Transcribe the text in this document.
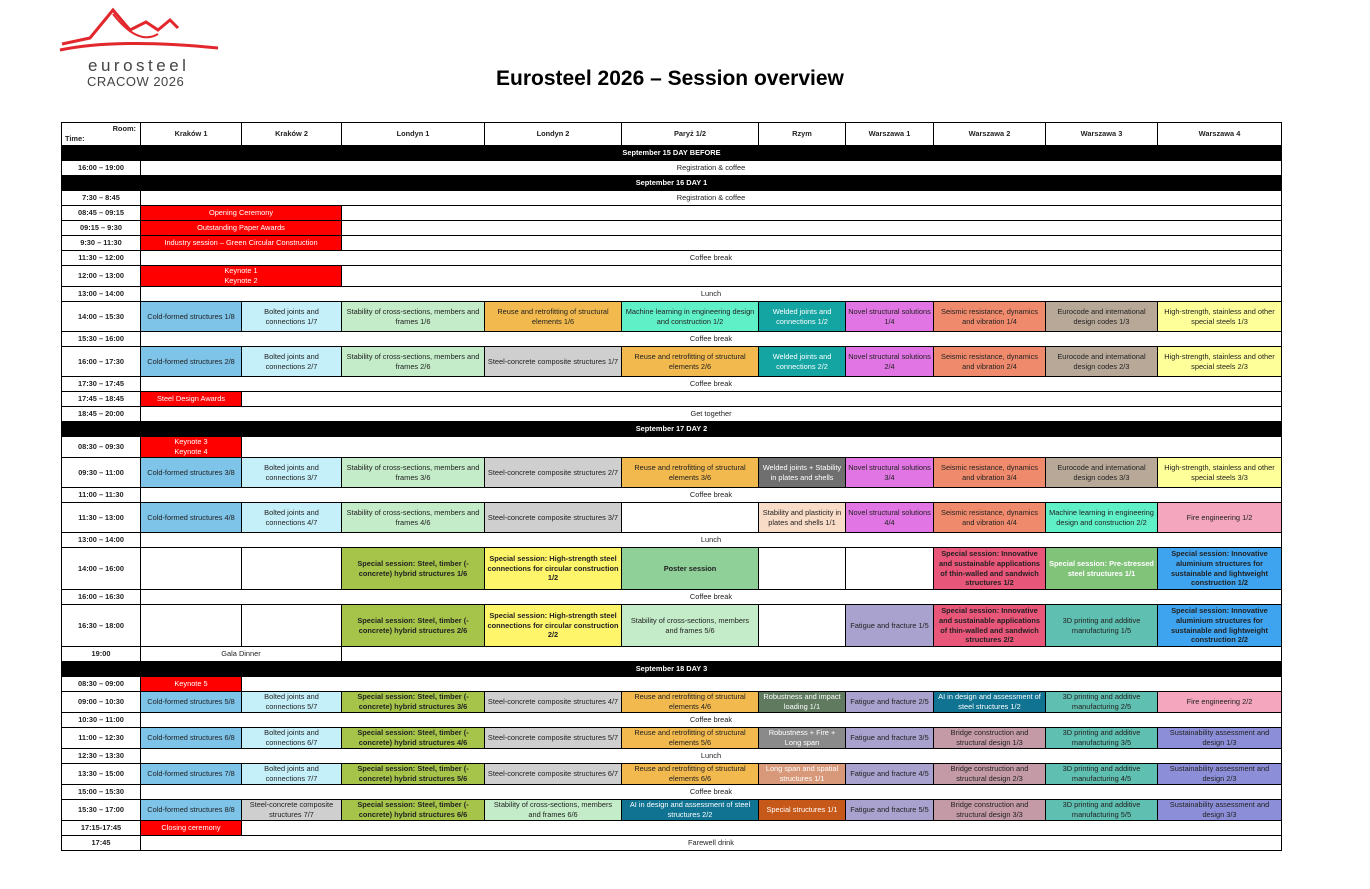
eurosteel
CRACOW 2026	Eurosteel 2026 – Session overview
Room:
Time:	Kraków 1	Kraków 2	Londyn 1	Londyn 2	Paryż 1/2	Rzym	Warszawa 1	Warszawa 2	Warszawa 3	Warszawa 4
September 15 DAY BEFORE										
16:00 – 19:00	Registration & coffee									
September 16 DAY 1										
7:30 – 8:45	Registration & coffee									
08:45 – 09:15	Opening Ceremony									
09:15 – 9:30	Outstanding Paper Awards									
9:30 – 11:30	Industry session – Green Circular Construction									
11:30 – 12:00	Coffee break									
12:00 – 13:00	Keynote 1
Keynote 2									

13:00 – 14:00	Lunch									
14:00 – 15:30	Cold-formed structures 1/8	Bolted joints and connections 1/7	Stability of cross-sections, members and frames 1/6	Reuse and retrofitting of structural elements 1/6	Machine learning in engineering design and construction 1/2	Welded joints and connections 1/2	Novel structural solutions 1/4	Seismic resistance, dynamics and vibration 1/4	Eurocode and international design codes 1/3	High-strength, stainless and other special steels 1/3
15:30 – 16:00	Coffee break									
16:00 – 17:30	Cold-formed structures 2/8	Bolted joints and connections 2/7	Stability of cross-sections, members and frames 2/6	Steel-concrete composite structures 1/7	Reuse and retrofitting of structural elements 2/6	Welded joints and connections 2/2	Novel structural solutions 2/4	Seismic resistance, dynamics and vibration 2/4	Eurocode and international design codes 2/3	High-strength, stainless and other special steels 2/3
17:30 – 17:45	Coffee break									
17:45 – 18:45	Steel Design Awards									
18:45 – 20:00	Get together									
September 17 DAY 2										
08:30 – 09:30	Keynote 3
Keynote 4									

09:30 – 11:00	Cold-formed structures 3/8	Bolted joints and connections 3/7	Stability of cross-sections, members and frames 3/6	Steel-concrete composite structures 2/7	Reuse and retrofitting of structural elements 3/6	Welded joints + Stability in plates and shells	Novel structural solutions 3/4	Seismic resistance, dynamics and vibration 3/4	Eurocode and international design codes 3/3	High-strength, stainless and other special steels 3/3
11:00 – 11:30	Coffee break									
11:30 – 13:00	Cold-formed structures 4/8	Bolted joints and connections 4/7	Stability of cross-sections, members and frames 4/6	Steel-concrete composite structures 3/7		Stability and plasticity in plates and shells 1/1	Novel structural solutions 4/4	Seismic resistance, dynamics and vibration 4/4	Machine learning in engineering design and construction 2/2	Fire engineering 1/2
13:00 – 14:00	Lunch									
14:00 – 16:00			Special session: Steel, timber (-concrete) hybrid structures 1/6	Special session: High-strength steel connections for circular construction 1/2	Poster session			Special session: Innovative and sustainable applications of thin-walled and sandwich structures 1/2	Special session: Pre-stressed steel structures 1/1	Special session: Innovative aluminium structures for sustainable and lightweight construction 1/2
16:00 – 16:30	Coffee break									
16:30 – 18:00			Special session: Steel, timber (-concrete) hybrid structures 2/6	Special session: High-strength steel connections for circular construction 2/2	Stability of cross-sections, members and frames 5/6		Fatigue and fracture 1/5	Special session: Innovative and sustainable applications of thin-walled and sandwich structures 2/2	3D printing and additive manufacturing 1/5	Special session: Innovative aluminium structures for sustainable and lightweight construction 2/2
19:00	Gala Dinner									
September 18 DAY 3										
08:30 – 09:00	Keynote 5									
09:00 – 10:30	Cold-formed structures 5/8	Bolted joints and connections 5/7	Special session: Steel, timber (-concrete) hybrid structures 3/6	Steel-concrete composite structures 4/7	Reuse and retrofitting of structural elements 4/6	Robustness and impact loading 1/1	Fatigue and fracture 2/5	AI in design and assessment of steel structures 1/2	3D printing and additive manufacturing 2/5	Fire engineering 2/2
10:30 – 11:00	Coffee break									
11:00 – 12:30	Cold-formed structures 6/8	Bolted joints and connections 6/7	Special session: Steel, timber (-concrete) hybrid structures 4/6	Steel-concrete composite structures 5/7	Reuse and retrofitting of structural elements 5/6	Robustness + Fire + Long span	Fatigue and fracture 3/5	Bridge construction and structural design 1/3	3D printing and additive manufacturing 3/5	Sustainability assessment and design 1/3
12:30 – 13:30	Lunch									
13:30 – 15:00	Cold-formed structures 7/8	Bolted joints and connections 7/7	Special session: Steel, timber (-concrete) hybrid structures 5/6	Steel-concrete composite structures 6/7	Reuse and retrofitting of structural elements 6/6	Long span and spatial structures 1/1	Fatigue and fracture 4/5	Bridge construction and structural design 2/3	3D printing and additive manufacturing 4/5	Sustainability assessment and design 2/3
15:00 – 15:30	Coffee break									
15:30 – 17:00	Cold-formed structures 8/8	Steel-concrete composite structures 7/7	Special session: Steel, timber (-concrete) hybrid structures 6/6	Stability of cross-sections, members and frames 6/6	AI in design and assessment of steel structures 2/2	Special structures 1/1	Fatigue and fracture 5/5	Bridge construction and structural design 3/3	3D printing and additive manufacturing 5/5	Sustainability assessment and design 3/3
17:15-17:45	Closing ceremony									
17:45	Farewell drink									
